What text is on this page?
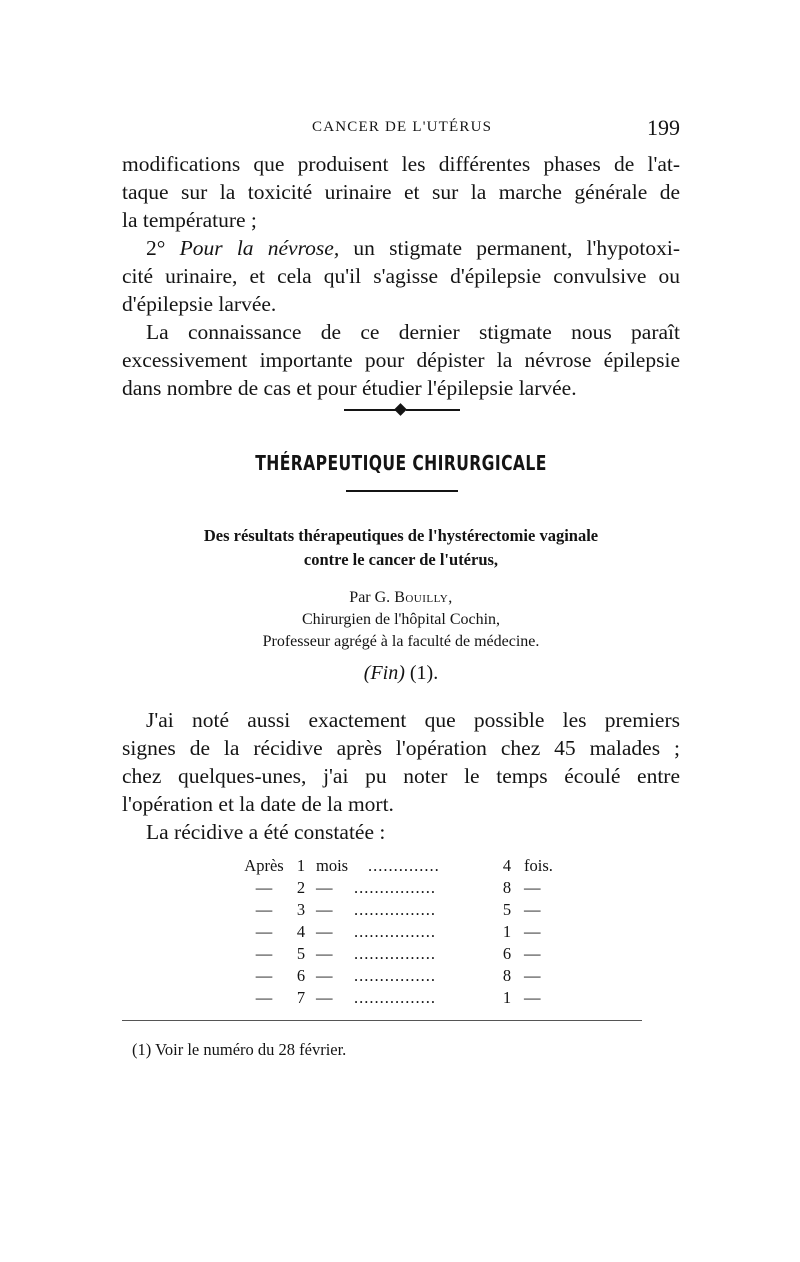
CANCER DE L'UTÉRUS	199

modifications que produisent les différentes phases de l'at-
taque sur la toxicité urinaire et sur la marche générale de
la température ;

2° Pour la névrose, un stigmate permanent, l'hypotoxi-
cité urinaire, et cela qu'il s'agisse d'épilepsie convulsive ou
d'épilepsie larvée.

La connaissance de ce dernier stigmate nous paraît
excessivement importante pour dépister la névrose épilepsie
dans nombre de cas et pour étudier l'épilepsie larvée.

THÉRAPEUTIQUE CHIRURGICALE

Des résultats thérapeutiques de l'hystérectomie vaginale
contre le cancer de l'utérus,

Par G. Bouilly,
Chirurgien de l'hôpital Cochin,
Professeur agrégé à la faculté de médecine.
(Fin) (1).

J'ai noté aussi exactement que possible les premiers
signes de la récidive après l'opération chez 45 malades ;
chez quelques-unes, j'ai pu noter le temps écoulé entre
l'opération et la date de la mort.

La récidive a été constatée :

Après 1 mois ..............	4 fois.
—	2 — ................	8 —
—	3 — ................	5 —
—	4 — ................	1 —
—	5 — ................	6 —
—	6 — ................	8 —
—	7 — ................	1 —
(1) Voir le numéro du 28 février.
